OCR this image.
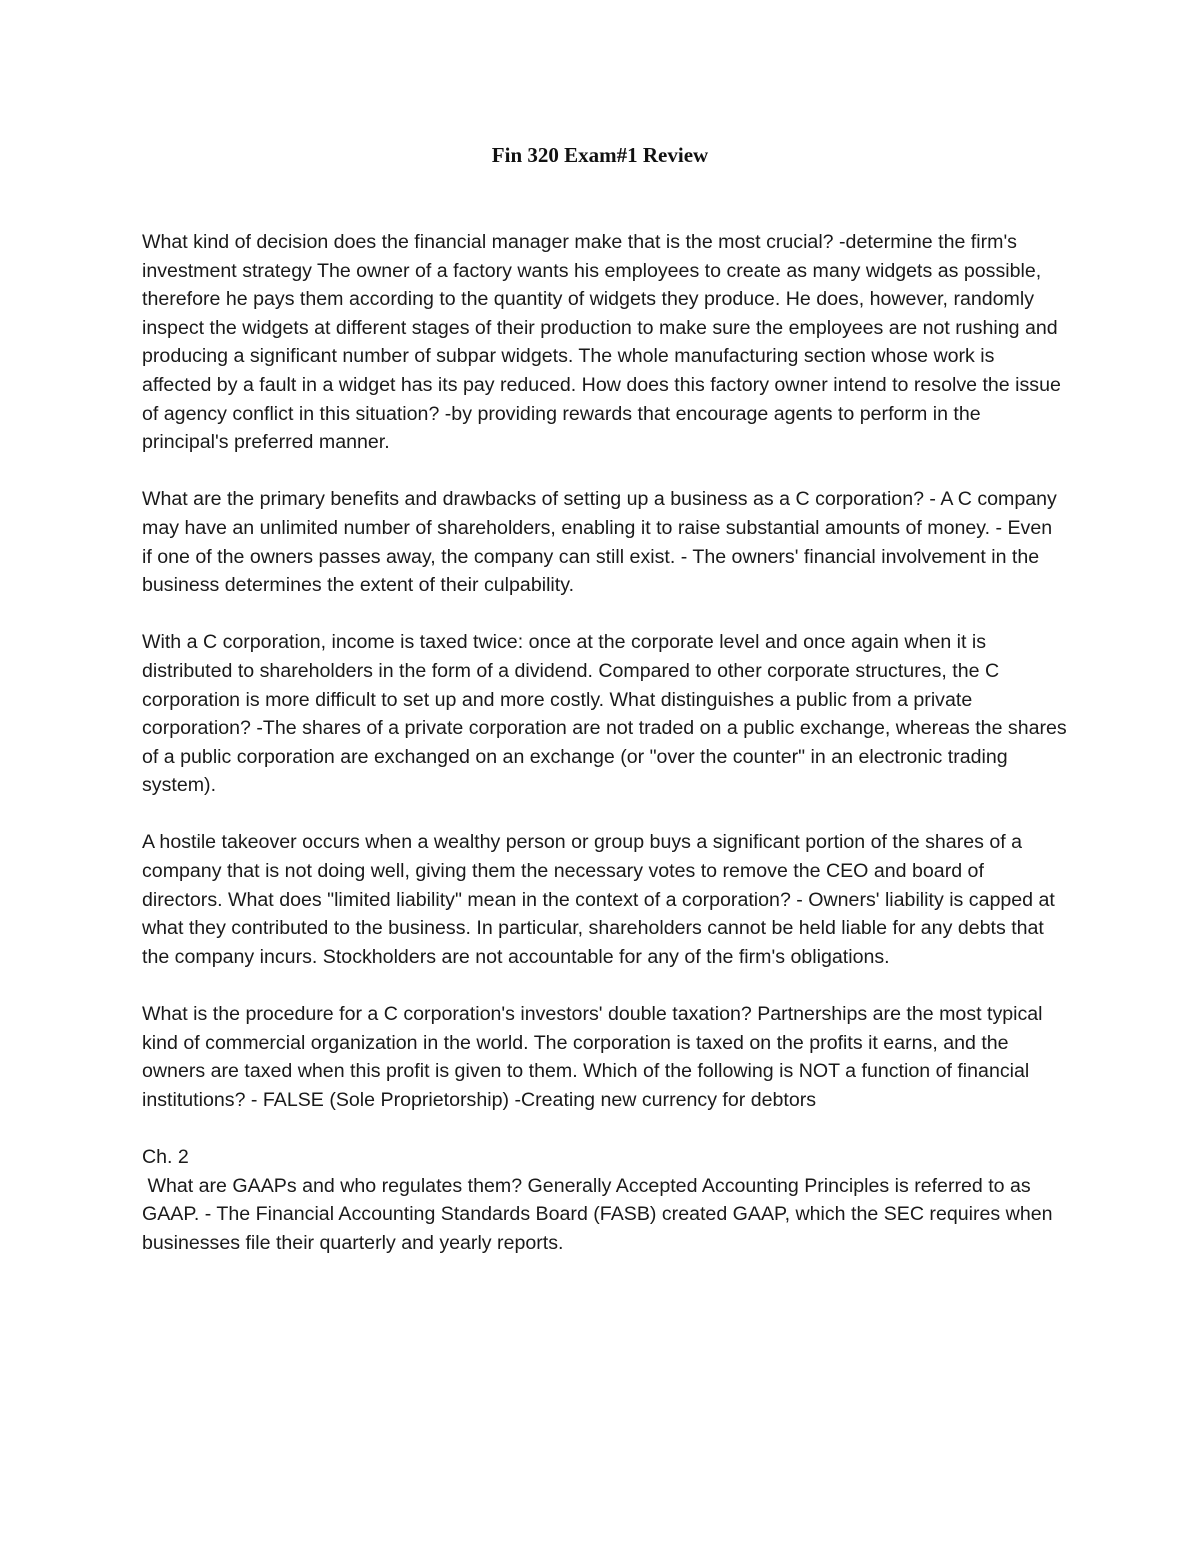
Fin 320 Exam#1 Review

What kind of decision does the financial manager make that is the most crucial? -determine the firm's investment strategy The owner of a factory wants his employees to create as many widgets as possible, therefore he pays them according to the quantity of widgets they produce. He does, however, randomly inspect the widgets at different stages of their production to make sure the employees are not rushing and producing a significant number of subpar widgets. The whole manufacturing section whose work is affected by a fault in a widget has its pay reduced. How does this factory owner intend to resolve the issue of agency conflict in this situation? -by providing rewards that encourage agents to perform in the principal's preferred manner.

What are the primary benefits and drawbacks of setting up a business as a C corporation? - A C company may have an unlimited number of shareholders, enabling it to raise substantial amounts of money. - Even if one of the owners passes away, the company can still exist. - The owners' financial involvement in the business determines the extent of their culpability.

With a C corporation, income is taxed twice: once at the corporate level and once again when it is distributed to shareholders in the form of a dividend. Compared to other corporate structures, the C corporation is more difficult to set up and more costly. What distinguishes a public from a private corporation? -The shares of a private corporation are not traded on a public exchange, whereas the shares of a public corporation are exchanged on an exchange (or "over the counter" in an electronic trading system).

A hostile takeover occurs when a wealthy person or group buys a significant portion of the shares of a company that is not doing well, giving them the necessary votes to remove the CEO and board of directors. What does "limited liability" mean in the context of a corporation? - Owners' liability is capped at what they contributed to the business. In particular, shareholders cannot be held liable for any debts that the company incurs. Stockholders are not accountable for any of the firm's obligations.

What is the procedure for a C corporation's investors' double taxation? Partnerships are the most typical kind of commercial organization in the world. The corporation is taxed on the profits it earns, and the owners are taxed when this profit is given to them. Which of the following is NOT a function of financial institutions? - FALSE (Sole Proprietorship) -Creating new currency for debtors

Ch. 2

What are GAAPs and who regulates them? Generally Accepted Accounting Principles is referred to as GAAP. - The Financial Accounting Standards Board (FASB) created GAAP, which the SEC requires when businesses file their quarterly and yearly reports.
